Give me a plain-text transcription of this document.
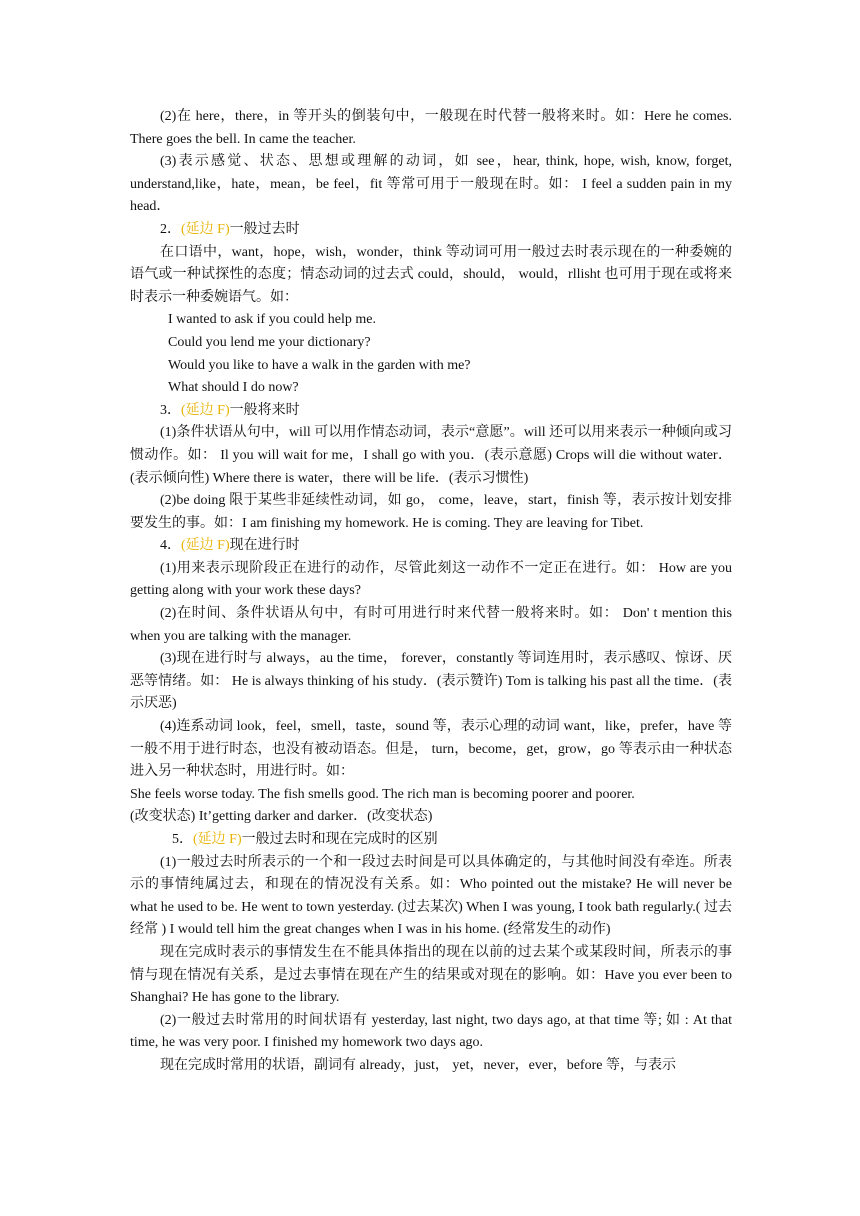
(2)在 here，there，in 等开头的倒装句中，一般现在时代替一般将来时。如：Here he comes. There goes the bell. In came the teacher.

(3)表示感觉、状态、思想或理解的动词，如 see，hear, think, hope, wish, know, forget, understand,like，hate，mean，be feel，fit 等常可用于一般现在时。如： I feel a sudden pain in my head．

2．(延边 F)一般过去时

在口语中，want，hope，wish，wonder，think 等动词可用一般过去时表示现在的一种委婉的语气或一种试探性的态度；情态动词的过去式 could，should， would，rllisht 也可用于现在或将来时表示一种委婉语气。如：

I wanted to ask if you could help me.

Could you lend me your dictionary?

Would you like to have a walk in the garden with me?

What should I do now?

3．(延边 F)一般将来时

(1)条件状语从句中，will 可以用作情态动词，表示“意愿”。will 还可以用来表示一种倾向或习惯动作。如： Il you will wait for me，I shall go with you．(表示意愿) Crops will die without water．(表示倾向性) Where there is water，there will be life．(表示习惯性)

(2)be doing 限于某些非延续性动词，如 go， come，leave，start，finish 等，表示按计划安排要发生的事。如：I am finishing my homework. He is coming. They are leaving for Tibet.

4．(延边 F)现在进行时

(1)用来表示现阶段正在进行的动作，尽管此刻这一动作不一定正在进行。如： How are you getting along with your work these days?

(2)在时间、条件状语从句中，有时可用进行时来代替一般将来时。如： Don' t mention this when you are talking with the manager.

(3)现在进行时与 always，au the time， forever，constantly 等词连用时，表示感叹、惊讶、厌恶等情绪。如： He is always thinking of his study．(表示赞许) Tom is talking his past all the time．(表示厌恶)

(4)连系动词 look，feel，smell，taste，sound 等，表示心理的动词 want，like，prefer，have 等一般不用于进行时态，也没有被动语态。但是， turn，become，get，grow，go 等表示由一种状态进入另一种状态时，用进行时。如：

She feels worse today. The fish smells good. The rich man is becoming poorer and poorer.

(改变状态) It’getting darker and darker．(改变状态)

5．(延边 F)一般过去时和现在完成时的区别

(1)一般过去时所表示的一个和一段过去时间是可以具体确定的，与其他时间没有牵连。所表示的事情纯属过去，和现在的情况没有关系。如：Who pointed out the mistake? He will never be what he used to be. He went to town yesterday. (过去某次) When I was young, I took bath regularly.( 过去经常 ) I would tell him the great changes when I was in his home. (经常发生的动作)

现在完成时表示的事情发生在不能具体指出的现在以前的过去某个或某段时间，所表示的事情与现在情况有关系，是过去事情在现在产生的结果或对现在的影响。如：Have you ever been to Shanghai? He has gone to the library.

(2)一般过去时常用的时间状语有 yesterday, last night, two days ago, at that time 等; 如 : At that time, he was very poor. I finished my homework two days ago.

现在完成时常用的状语，副词有 already，just， yet，never，ever，before 等，与表示
